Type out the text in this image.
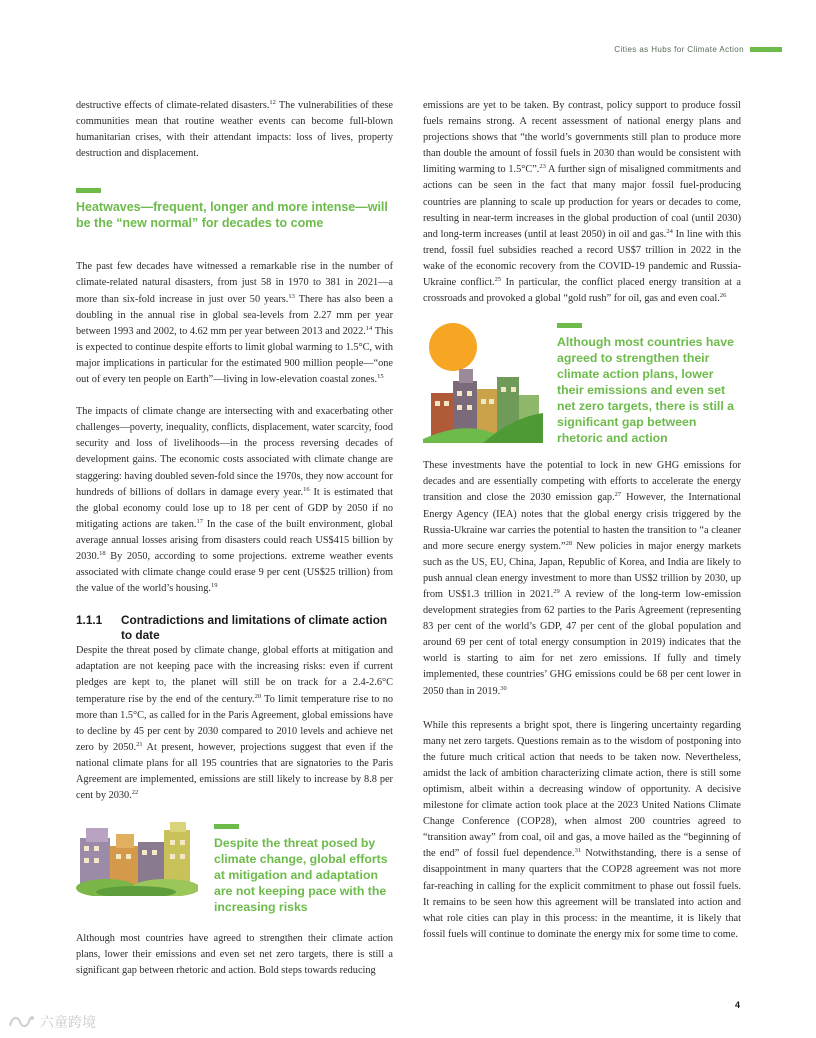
Cities as Hubs for Climate Action

destructive effects of climate-related disasters.$^{12}$ The vulnerabilities of these communities mean that routine weather events can become full-blown humanitarian crises, with their attendant impacts: loss of lives, property destruction and displacement.

Heatwaves—frequent, longer and more intense—will be the “new normal” for decades to come

The past few decades have witnessed a remarkable rise in the number of climate-related natural disasters, from just 58 in 1970 to 381 in 2021—a more than six-fold increase in just over 50 years.$^{13}$ There has also been a doubling in the annual rise in global sea-levels from 2.27 mm per year between 1993 and 2002, to 4.62 mm per year between 2013 and 2022.14 This is expected to continue despite efforts to limit global warming to 1.5°C, with major implications in particular for the estimated 900 million people—“one out of every ten people on Earth”—living in low-elevation coastal zones.$^{15}$

The impacts of climate change are intersecting with and exacerbating other challenges—poverty, inequality, conflicts, displacement, water scarcity, food security and loss of livelihoods—in the process reversing decades of development gains. The economic costs associated with climate change are staggering: having doubled seven-fold since the 1970s, they now account for hundreds of billions of dollars in damage every year.$^{16}$ It is estimated that the global economy could lose up to 18 per cent of GDP by 2050 if no mitigating actions are taken.$^{17}$ In the case of the built environment, global average annual losses arising from disasters could reach US$415 billion by 2030.18 By 2050, according to some projections. extreme weather events associated with climate change could erase 9 per cent (US$25 trillion) from the value of the world’s housing.$^{19}$

1.1.1	Contradictions and limitations of climate action to date

Despite the threat posed by climate change, global efforts at mitigation and adaptation are not keeping pace with the increasing risks: even if current pledges are kept to, the planet will still be on track for a 2.4-2.6°C temperature rise by the end of the century.$^{20}$ To limit temperature rise to no more than 1.5°C, as called for in the Paris Agreement, global emissions have to decline by 45 per cent by 2030 compared to 2010 levels and achieve net zero by 2050.21 At present, however, projections suggest that even if the national climate plans for all 195 countries that are signatories to the Paris Agreement are implemented, emissions are still likely to increase by 8.8 per cent by 2030.22

Despite the threat posed by climate change, global efforts at mitigation and adaptation are not keeping pace with the increasing risks

Although most countries have agreed to strengthen their climate action plans, lower their emissions and even set net zero targets, there is still a significant gap between rhetoric and action. Bold steps towards reducing

emissions are yet to be taken. By contrast, policy support to produce fossil fuels remains strong. A recent assessment of national energy plans and projections shows that “the world’s governments still plan to produce more than double the amount of fossil fuels in 2030 than would be consistent with limiting warming to 1.5°C”.$^{23}$ A further sign of misaligned commitments and actions can be seen in the fact that many major fossil fuel-producing countries are planning to scale up production for years or decades to come, resulting in near-term increases in the global production of coal (until 2030) and long-term increases (until at least 2050) in oil and gas.$^{24}$ In line with this trend, fossil fuel subsidies reached a record US$7 trillion in 2022 in the wake of the economic recovery from the COVID-19 pandemic and Russia-Ukraine conflict.$^{25}$ In particular, the conflict placed energy transition at a crossroads and provoked a global “gold rush” for oil, gas and even coal.$^{26}$

Although most countries have agreed to strengthen their climate action plans, lower their emissions and even set net zero targets, there is still a significant gap between rhetoric and action

These investments have the potential to lock in new GHG emissions for decades and are essentially competing with efforts to accelerate the energy transition and close the 2030 emission gap.$^{27}$ However, the International Energy Agency (IEA) notes that the global energy crisis triggered by the Russia-Ukraine war carries the potential to hasten the transition to “a cleaner and more secure energy system.”$^{28}$ New policies in major energy markets such as the US, EU, China, Japan, Republic of Korea, and India are likely to push annual clean energy investment to more than US$2 trillion by 2030, up from US$1.3 trillion in 2021.29 A review of the long-term low-emission development strategies from 62 parties to the Paris Agreement (representing 83 per cent of the world’s GDP, 47 per cent of the global population and around 69 per cent of total energy consumption in 2019) indicates that the world is starting to aim for net zero emissions. If fully and timely implemented, these countries’ GHG emissions could be 68 per cent lower in 2050 than in 2019.30

While this represents a bright spot, there is lingering uncertainty regarding many net zero targets. Questions remain as to the wisdom of postponing into the future much critical action that needs to be taken now. Nevertheless, amidst the lack of ambition characterizing climate action, there is still some optimism, albeit within a decreasing window of opportunity. A decisive milestone for climate action took place at the 2023 United Nations Climate Change Conference (COP28), when almost 200 countries agreed to “transition away” from coal, oil and gas, a move hailed as the “beginning of the end” of fossil fuel dependence.$^{31}$ Notwithstanding, there is a sense of disappointment in many quarters that the COP28 agreement was not more far-reaching in calling for the explicit commitment to phase out fossil fuels. It remains to be seen how this agreement will be translated into action and what role cities can play in this process: in the meantime, it is likely that fossil fuels will continue to dominate the energy mix for some time to come.

4
六童跨境
